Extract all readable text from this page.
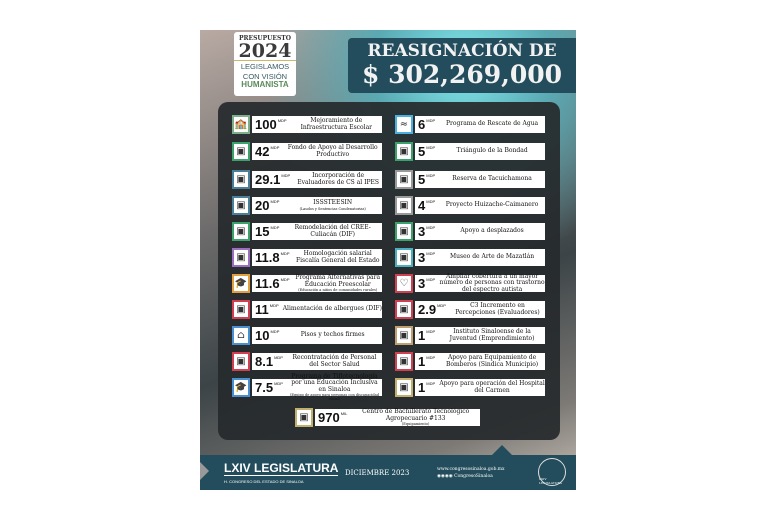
PRESUPUESTO
2024
LEGISLAMOS
CON VISIÓN
HUMANISTA
REASIGNACIÓN DE
$ 302,269,000
🏫 100 MDP	Mejoramiento de Infraestructura Escolar
▣ 42 MDP	Fondo de Apoyo al Desarrollo Productivo
▣ 29.1 MDP	Incorporación de Evaluadores de CS al IPES
▣ 20 MDP	ISSSTEESIN
(Laudos y Sentencias Condenatorias)
▣ 15 MDP	Remodelación del CREE-Culiacán (DIF)
▣ 11.8 MDP	Homologación salarial Fiscalía General del Estado
🎓 11.6 MDP Programa Alternativas para Educación Preescolar
(Educación a niños de comunidades rurales)
▣ 11 MDP Alimentación de albergues (DIF)
⌂ 10 MDP	Pisos y techos firmes
▣ 8.1 MDP	Recontratación de Personal del Sector Salud
🎓 7.5 MDP
Programa de Tiflotecnología por una Educación Inclusiva en Sinaloa
(Equipo de apoyo para personas con discapacidad visual)
≈ 6 MDP	Programa de Rescate de Agua
▣ 5 MDP	Triángulo de la Bondad
▣ 5 MDP	Reserva de Tacuichamona
▣ 4 MDP	Proyecto Huizache-Caimanero
▣ 3 MDP	Apoyo a desplazados
▣ 3 MDP	Museo de Arte de Mazatlán
♡ 3 MDP	Ampliar cobertura a un mayor número de personas con trastorno del espectro autista
▣ 2.9 MDP	C3 Incremento en Percepciones (Evaluadores)
▣ 1 MDP	Instituto Sinaloense de la Juventud (Emprendimiento)
▣ 1 MDP	Apoyo para Equipamiento de Bomberos (Sindica Municipio)
▣ 1 MDP Apoyo para operación del Hospital del Carmen
▣ 970 MIL	Centro de Bachillerato Tecnológico Agropecuario #133
(Equipamiento)
LXIV LEGISLATURA
H. CONGRESO DEL ESTADO DE SINALOA
DICIEMBRE 2023	www.congresosinaloa.gob.mx
◉◉◉◉ CongresoSinaloa	LXIV LEGISLATURA
